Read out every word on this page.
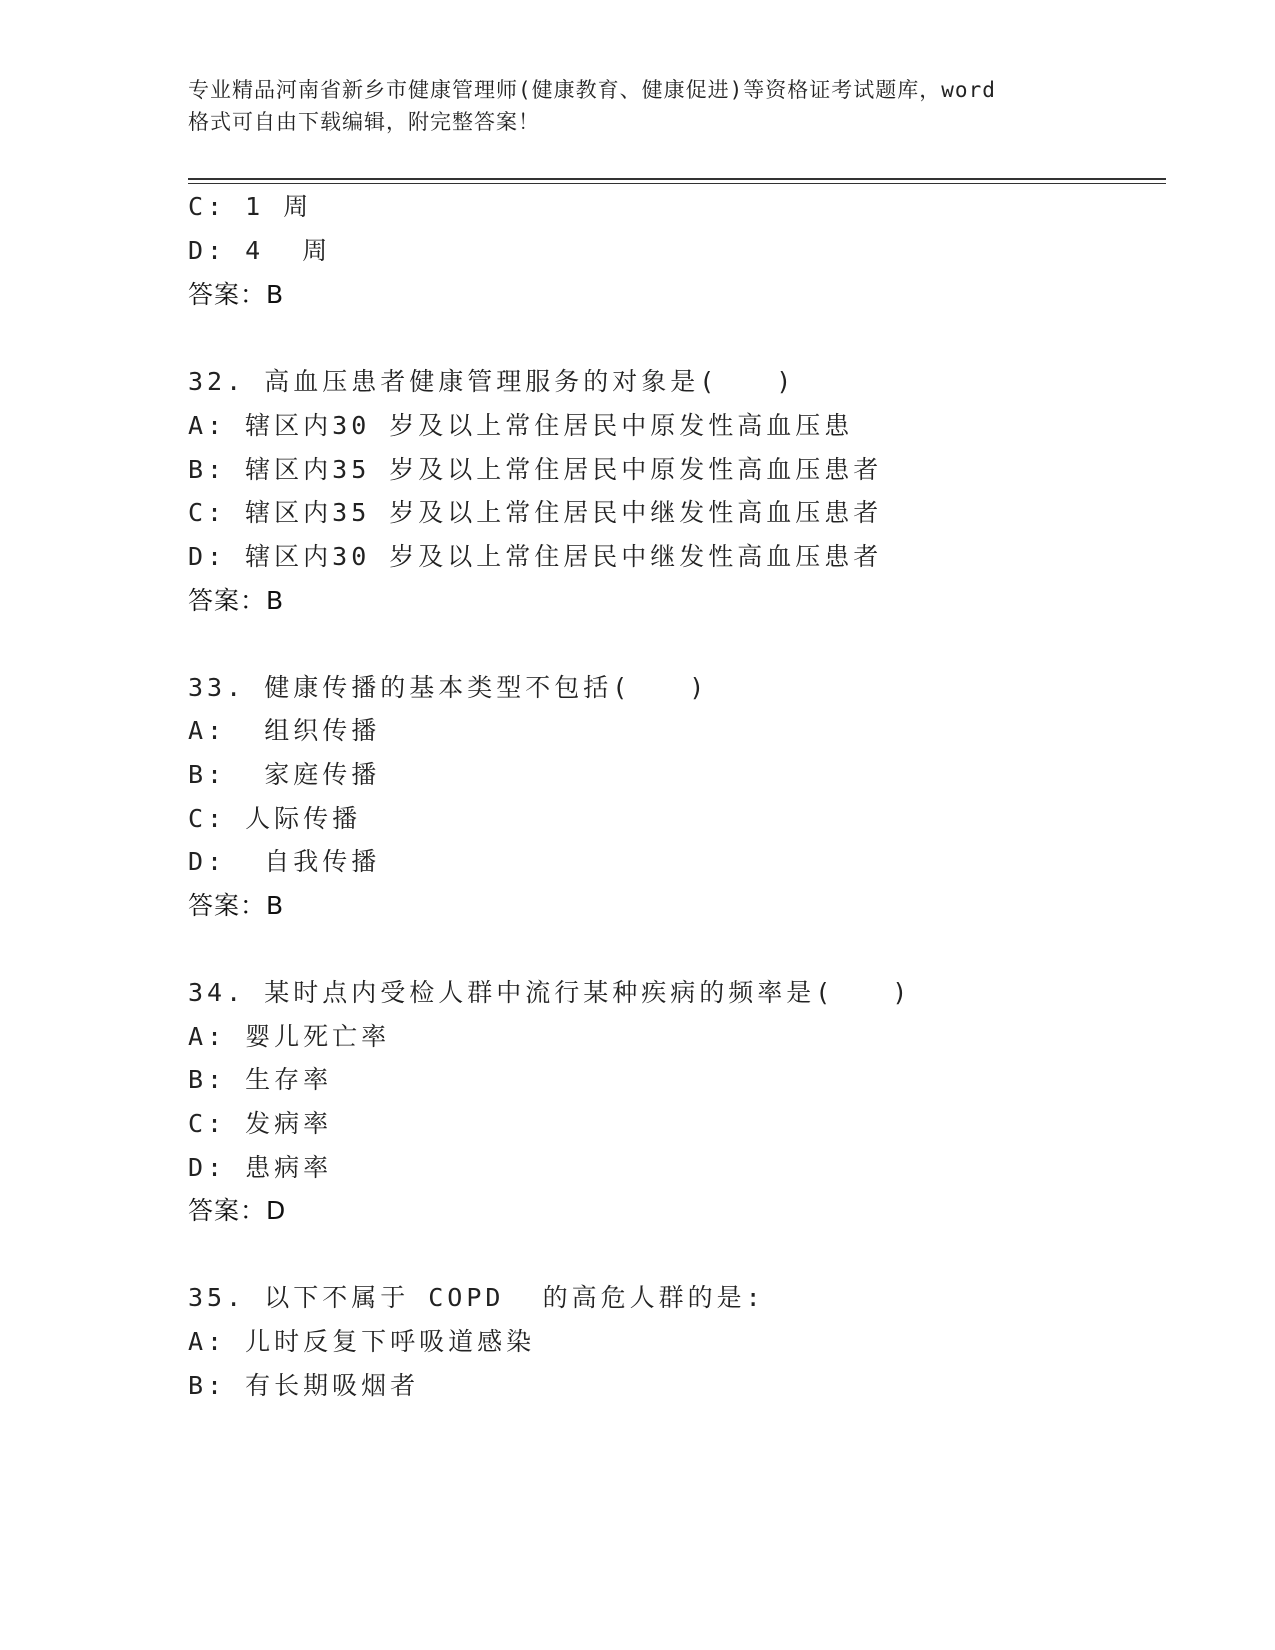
专业精品河南省新乡市健康管理师(健康教育、健康促进)等资格证考试题库，word
格式可自由下载编辑，附完整答案！
C: 1 周
D: 4  周
答案：B
32. 高血压患者健康管理服务的对象是(　　)
A: 辖区内30 岁及以上常住居民中原发性高血压患
B: 辖区内35 岁及以上常住居民中原发性高血压患者
C: 辖区内35 岁及以上常住居民中继发性高血压患者
D: 辖区内30 岁及以上常住居民中继发性高血压患者
答案：B
33. 健康传播的基本类型不包括(　　)
A:  组织传播
B:  家庭传播
C: 人际传播
D:  自我传播
答案：B
34. 某时点内受检人群中流行某种疾病的频率是(　　)
A: 婴儿死亡率
B: 生存率
C: 发病率
D: 患病率
答案：D
35. 以下不属于 COPD  的高危人群的是:
A: 儿时反复下呼吸道感染
B: 有长期吸烟者
